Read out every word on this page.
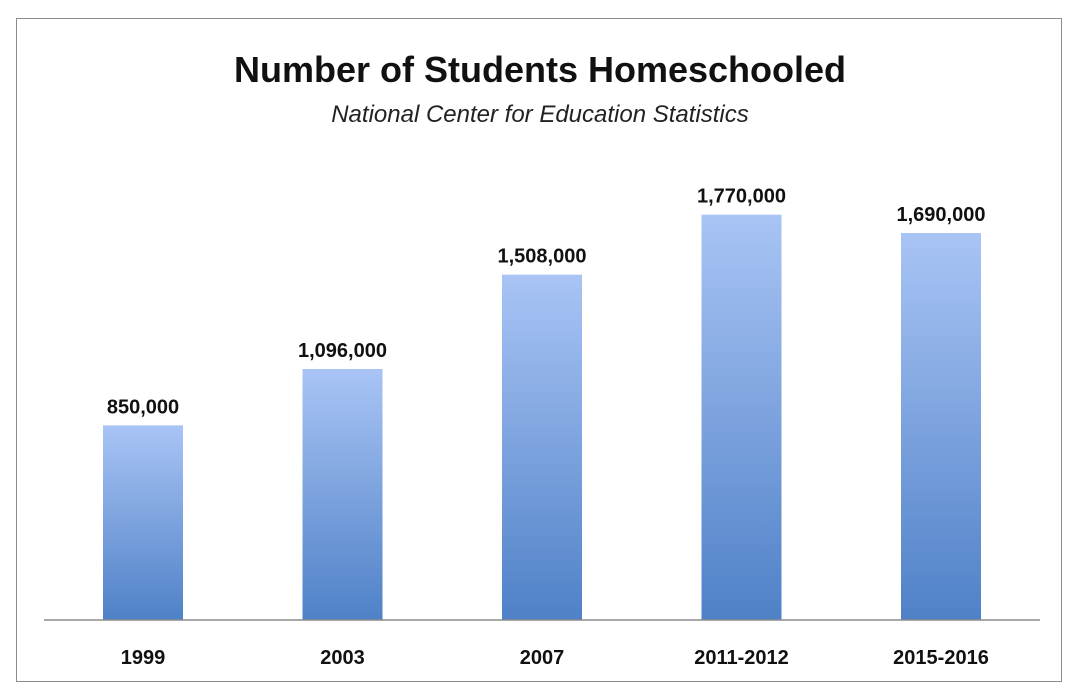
Number of Students Homeschooled
National Center for Education Statistics
850,000
1999
1,096,000
2003
1,508,000
2007
1,770,000
2011-2012
1,690,000
2015-2016
